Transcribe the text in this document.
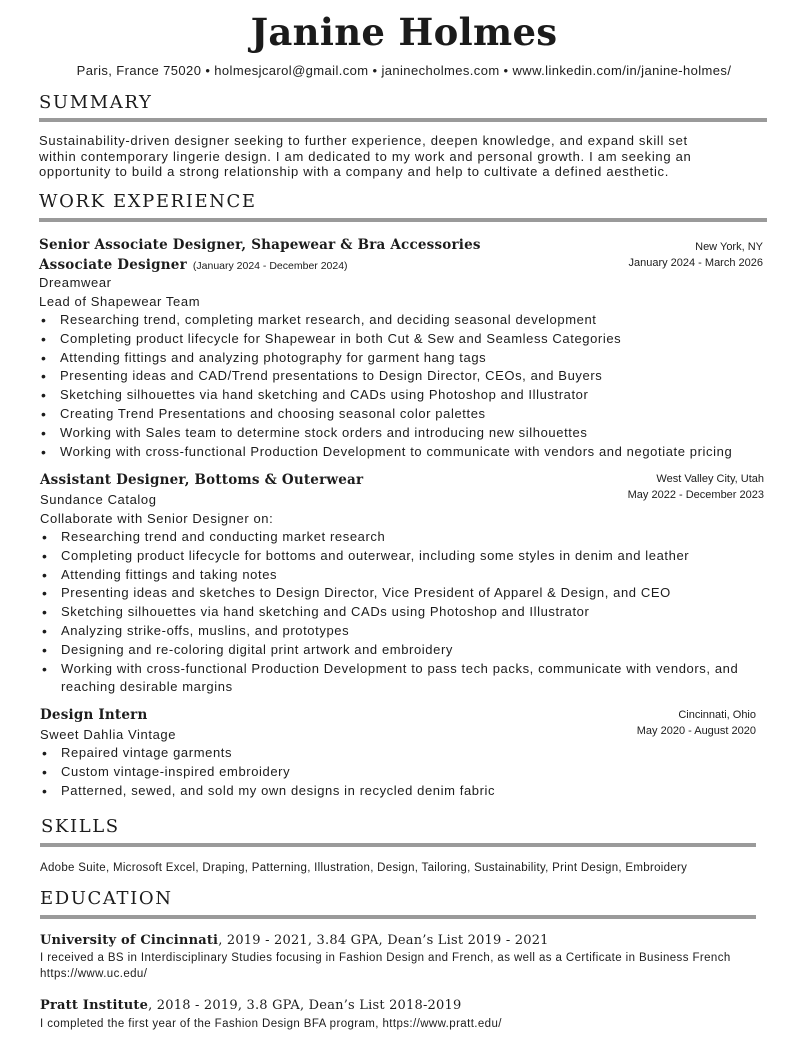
Janine Holmes
Paris, France 75020 • holmesjcarol@gmail.com • janinecholmes.com • www.linkedin.com/in/janine-holmes/
SUMMARY
Sustainability-driven designer seeking to further experience, deepen knowledge, and expand skill set
within contemporary lingerie design. I am dedicated to my work and personal growth. I am seeking an
opportunity to build a strong relationship with a company and help to cultivate a defined aesthetic.
WORK EXPERIENCE
Senior Associate Designer, Shapewear & Bra Accessories	New York, NY
January 2024 - March 2026
Associate Designer (January 2024 - December 2024)
Dreamwear
Lead of Shapewear Team
• Researching trend, completing market research, and deciding seasonal development
• Completing product lifecycle for Shapewear in both Cut & Sew and Seamless Categories
• Attending fittings and analyzing photography for garment hang tags
• Presenting ideas and CAD/Trend presentations to Design Director, CEOs, and Buyers
• Sketching silhouettes via hand sketching and CADs using Photoshop and Illustrator
• Creating Trend Presentations and choosing seasonal color palettes
• Working with Sales team to determine stock orders and introducing new silhouettes
• Working with cross-functional Production Development to communicate with vendors and negotiate pricing
Assistant Designer, Bottoms & Outerwear	West Valley City, Utah
May 2022 - December 2023
Sundance Catalog
Collaborate with Senior Designer on:
• Researching trend and conducting market research
• Completing product lifecycle for bottoms and outerwear, including some styles in denim and leather
• Attending fittings and taking notes
• Presenting ideas and sketches to Design Director, Vice President of Apparel & Design, and CEO
• Sketching silhouettes via hand sketching and CADs using Photoshop and Illustrator
• Analyzing strike-offs, muslins, and prototypes
• Designing and re-coloring digital print artwork and embroidery
• Working with cross-functional Production Development to pass tech packs, communicate with vendors, and reaching desirable margins
Design Intern	Cincinnati, Ohio
May 2020 - August 2020
Sweet Dahlia Vintage
• Repaired vintage garments
• Custom vintage-inspired embroidery
• Patterned, sewed, and sold my own designs in recycled denim fabric
SKILLS
Adobe Suite, Microsoft Excel, Draping, Patterning, Illustration, Design, Tailoring, Sustainability, Print Design, Embroidery
EDUCATION
University of Cincinnati, 2019 - 2021, 3.84 GPA, Dean’s List 2019 - 2021
I received a BS in Interdisciplinary Studies focusing in Fashion Design and French, as well as a Certificate in Business French
https://www.uc.edu/
Pratt Institute, 2018 - 2019, 3.8 GPA, Dean’s List 2018-2019
I completed the first year of the Fashion Design BFA program, https://www.pratt.edu/
